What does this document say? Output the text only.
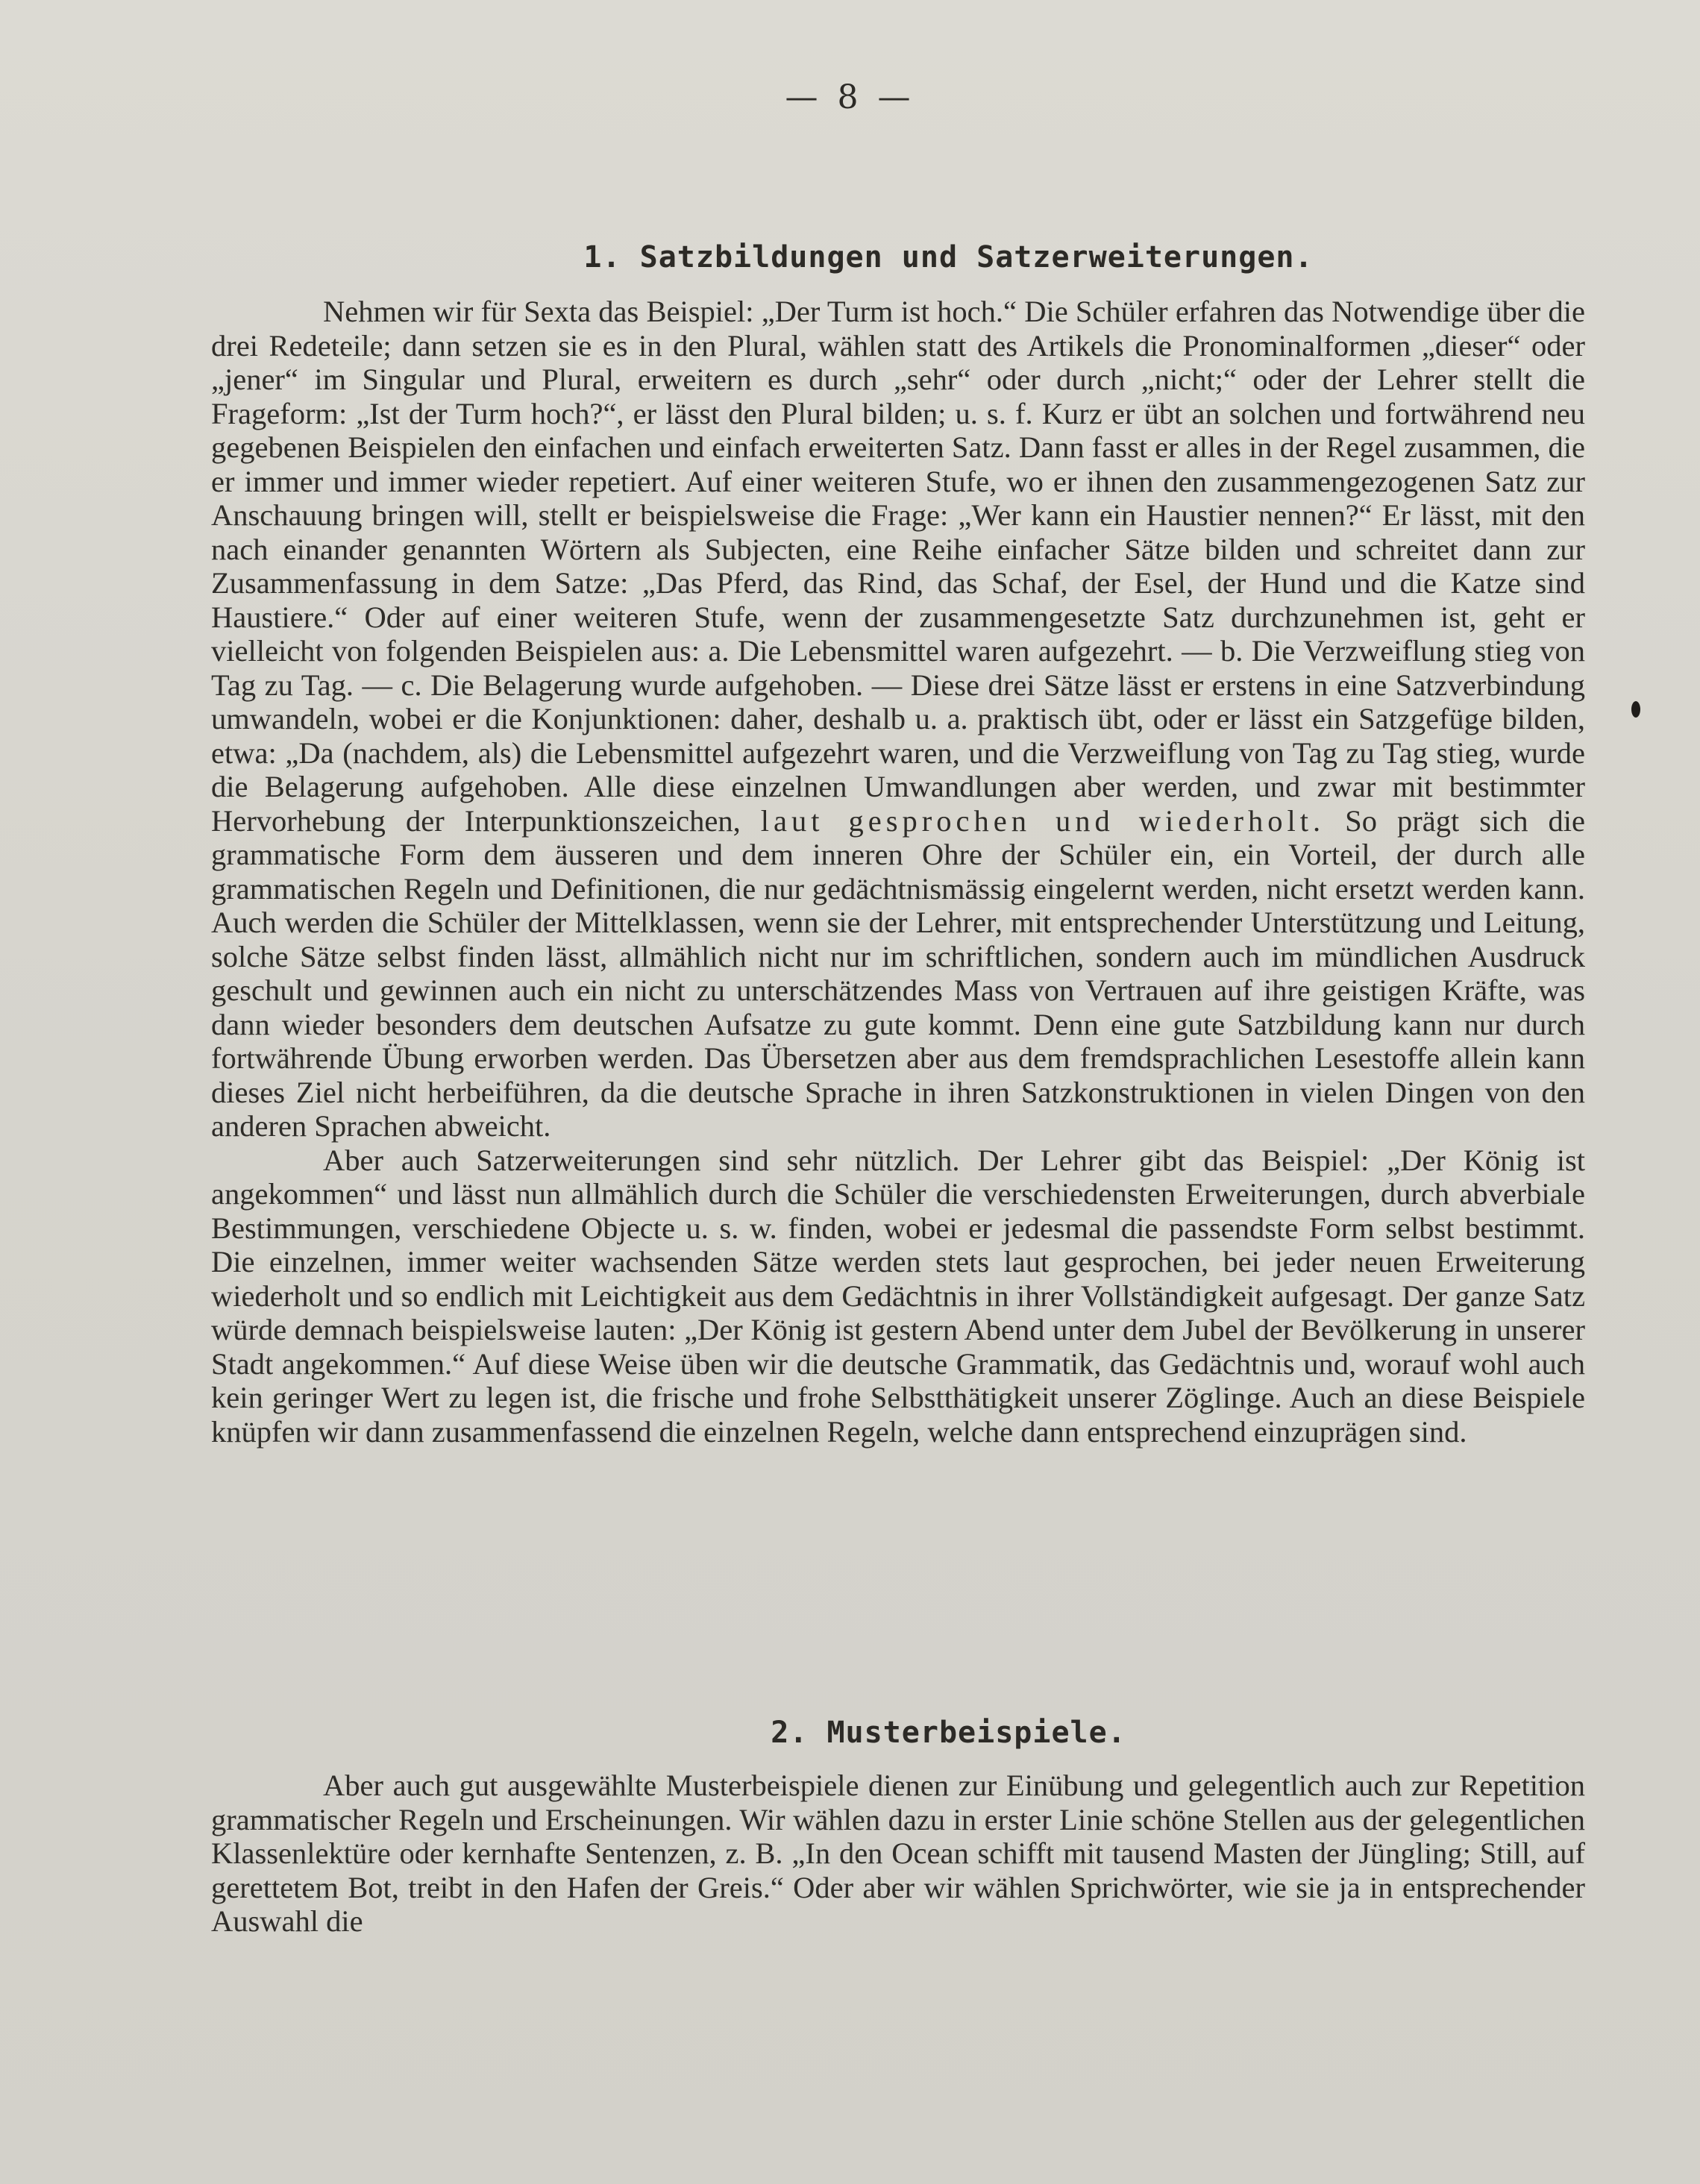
— 8 —
1. Satzbildungen und Satzerweiterungen.

Nehmen wir für Sexta das Beispiel: „Der Turm ist hoch.“ Die Schüler erfahren das Notwendige über die drei Redeteile; dann setzen sie es in den Plural, wählen statt des Artikels die Pronominalformen „dieser“ oder „jener“ im Singular und Plural, erweitern es durch „sehr“ oder durch „nicht;“ oder der Lehrer stellt die Frageform: „Ist der Turm hoch?“, er lässt den Plural bilden; u. s. f. Kurz er übt an solchen und fortwährend neu gegebenen Beispielen den einfachen und einfach erweiterten Satz. Dann fasst er alles in der Regel zusammen, die er immer und immer wieder repetiert. Auf einer weiteren Stufe, wo er ihnen den zusammengezogenen Satz zur Anschauung bringen will, stellt er beispielsweise die Frage: „Wer kann ein Haustier nennen?“ Er lässt, mit den nach einander genannten Wörtern als Subjecten, eine Reihe einfacher Sätze bilden und schreitet dann zur Zusammenfassung in dem Satze: „Das Pferd, das Rind, das Schaf, der Esel, der Hund und die Katze sind Haustiere.“ Oder auf einer weiteren Stufe, wenn der zusammengesetzte Satz durchzunehmen ist, geht er vielleicht von folgenden Beispielen aus: a. Die Lebensmittel waren aufgezehrt. — b. Die Verzweiflung stieg von Tag zu Tag. — c. Die Belagerung wurde aufgehoben. — Diese drei Sätze lässt er erstens in eine Satzverbindung umwandeln, wobei er die Konjunktionen: daher, deshalb u. a. praktisch übt, oder er lässt ein Satzgefüge bilden, etwa: „Da (nachdem, als) die Lebensmittel aufgezehrt waren, und die Verzweiflung von Tag zu Tag stieg, wurde die Belagerung aufgehoben. Alle diese einzelnen Umwandlungen aber werden, und zwar mit bestimmter Hervorhebung der Interpunktionszeichen, laut gesprochen und wiederholt. So prägt sich die grammatische Form dem äusseren und dem inneren Ohre der Schüler ein, ein Vorteil, der durch alle grammatischen Regeln und Definitionen, die nur gedächtnismässig eingelernt werden, nicht ersetzt werden kann. Auch werden die Schüler der Mittelklassen, wenn sie der Lehrer, mit entsprechender Unterstützung und Leitung, solche Sätze selbst finden lässt, allmählich nicht nur im schriftlichen, sondern auch im mündlichen Ausdruck geschult und gewinnen auch ein nicht zu unterschätzendes Mass von Vertrauen auf ihre geistigen Kräfte, was dann wieder besonders dem deutschen Aufsatze zu gute kommt. Denn eine gute Satzbildung kann nur durch fortwährende Übung erworben werden. Das Übersetzen aber aus dem fremdsprachlichen Lesestoffe allein kann dieses Ziel nicht herbeiführen, da die deutsche Sprache in ihren Satzkonstruktionen in vielen Dingen von den anderen Sprachen abweicht.

Aber auch Satzerweiterungen sind sehr nützlich. Der Lehrer gibt das Beispiel: „Der König ist angekommen“ und lässt nun allmählich durch die Schüler die verschiedensten Erweiterungen, durch abverbiale Bestimmungen, verschiedene Objecte u. s. w. finden, wobei er jedesmal die passendste Form selbst bestimmt. Die einzelnen, immer weiter wachsenden Sätze werden stets laut gesprochen, bei jeder neuen Erweiterung wiederholt und so endlich mit Leichtigkeit aus dem Gedächtnis in ihrer Vollständigkeit aufgesagt. Der ganze Satz würde demnach beispielsweise lauten: „Der König ist gestern Abend unter dem Jubel der Bevölkerung in unserer Stadt angekommen.“ Auf diese Weise üben wir die deutsche Grammatik, das Gedächtnis und, worauf wohl auch kein geringer Wert zu legen ist, die frische und frohe Selbstthätigkeit unserer Zöglinge. Auch an diese Beispiele knüpfen wir dann zusammenfassend die einzelnen Regeln, welche dann entsprechend einzuprägen sind.

2. Musterbeispiele.

Aber auch gut ausgewählte Musterbeispiele dienen zur Einübung und gelegentlich auch zur Repetition grammatischer Regeln und Erscheinungen. Wir wählen dazu in erster Linie schöne Stellen aus der gelegentlichen Klassenlektüre oder kernhafte Sentenzen, z. B. „In den Ocean schifft mit tausend Masten der Jüngling; Still, auf gerettetem Bot, treibt in den Hafen der Greis.“ Oder aber wir wählen Sprichwörter, wie sie ja in entsprechender Auswahl die
